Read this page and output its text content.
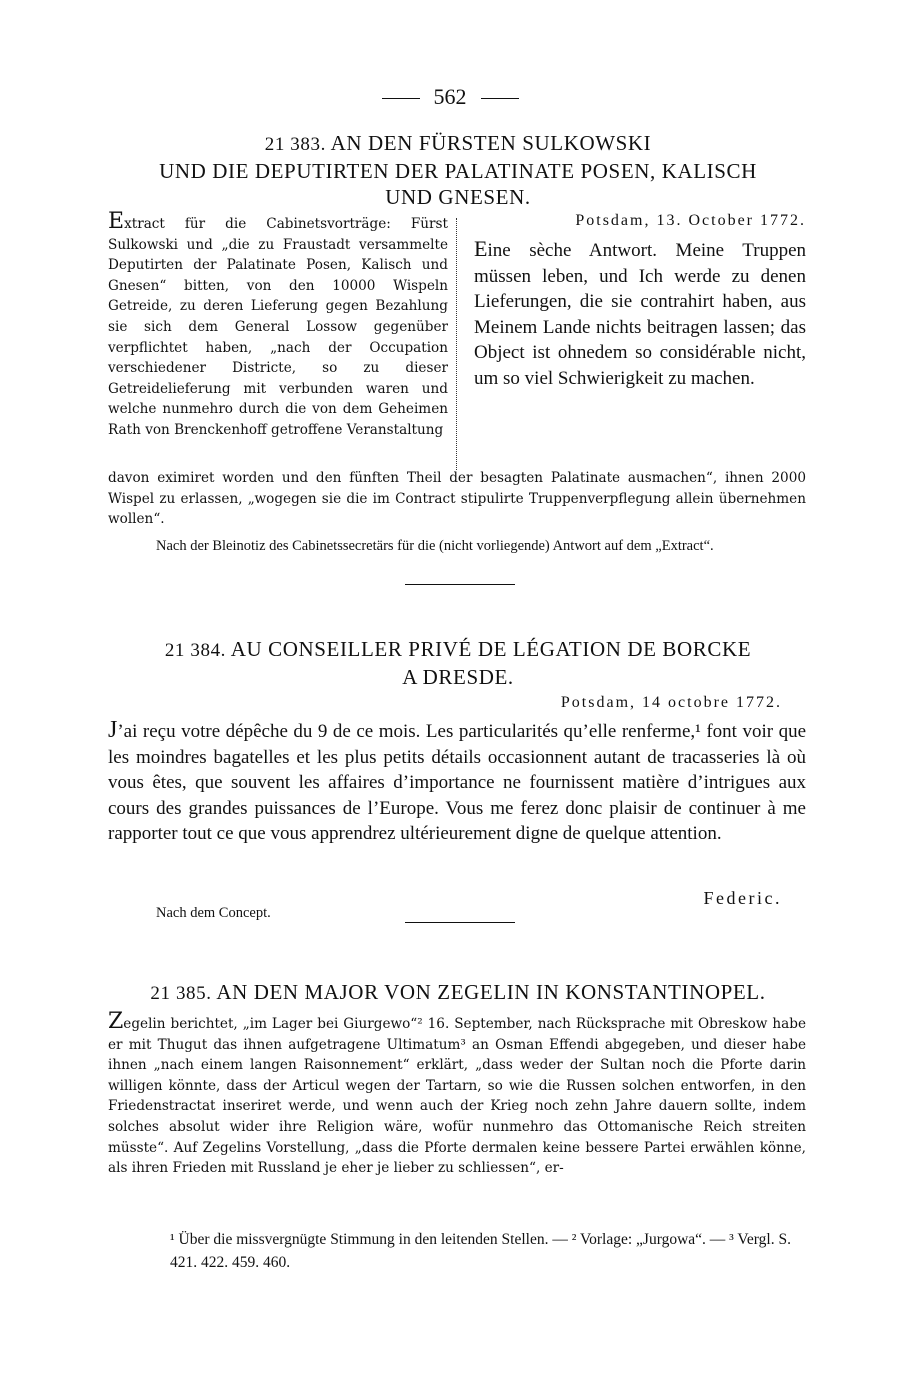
562
21 383. AN DEN FÜRSTEN SULKOWSKI
UND DIE DEPUTIRTEN DER PALATINATE POSEN, KALISCH
UND GNESEN.
Extract für die Cabinetsvorträge: Fürst Sulkowski und „die zu Fraustadt versammelte Deputirten der Palatinate Posen, Kalisch und Gnesen“ bitten, von den 10000 Wispeln Getreide, zu deren Lieferung gegen Bezahlung sie sich dem General Lossow gegenüber verpflichtet haben, „nach der Occupation verschiedener Districte, so zu dieser Getreidelieferung mit verbunden waren und welche nunmehro durch die von dem Geheimen Rath von Brenckenhoff getroffene Veranstaltung
Potsdam, 13. October 1772.
Eine sèche Antwort. Meine Truppen müssen leben, und Ich werde zu denen Lieferungen, die sie contrahirt haben, aus Meinem Lande nichts beitragen lassen; das Object ist ohnedem so considérable nicht, um so viel Schwierigkeit zu machen.
davon eximiret worden und den fünften Theil der besagten Palatinate ausmachen“, ihnen 2000 Wispel zu erlassen, „wogegen sie die im Contract stipulirte Truppenverpflegung allein übernehmen wollen“.
Nach der Bleinotiz des Cabinetssecretärs für die (nicht vorliegende) Antwort auf dem „Extract“.
21 384. AU CONSEILLER PRIVÉ DE LÉGATION DE BORCKE
A DRESDE.
Potsdam, 14 octobre 1772.
J’ai reçu votre dépêche du 9 de ce mois. Les particularités qu’elle renferme,¹ font voir que les moindres bagatelles et les plus petits détails occasionnent autant de tracasseries là où vous êtes, que souvent les affaires d’importance ne fournissent matière d’intrigues aux cours des grandes puissances de l’Europe. Vous me ferez donc plaisir de continuer à me rapporter tout ce que vous apprendrez ultérieurement digne de quelque attention.
Federic.
Nach dem Concept.
21 385. AN DEN MAJOR VON ZEGELIN IN KONSTANTINOPEL.
Zegelin berichtet, „im Lager bei Giurgewo“² 16. September, nach Rücksprache mit Obreskow habe er mit Thugut das ihnen aufgetragene Ultimatum³ an Osman Effendi abgegeben, und dieser habe ihnen „nach einem langen Raisonnement“ erklärt, „dass weder der Sultan noch die Pforte darin willigen könnte, dass der Articul wegen der Tartarn, so wie die Russen solchen entworfen, in den Friedenstractat inseriret werde, und wenn auch der Krieg noch zehn Jahre dauern sollte, indem solches absolut wider ihre Religion wäre, wofür nunmehro das Ottomanische Reich streiten müsste“. Auf Zegelins Vorstellung, „dass die Pforte dermalen keine bessere Partei erwählen könne, als ihren Frieden mit Russland je eher je lieber zu schliessen“, er-
¹ Über die missvergnügte Stimmung in den leitenden Stellen. — ² Vorlage: „Jurgowa“. — ³ Vergl. S. 421. 422. 459. 460.
